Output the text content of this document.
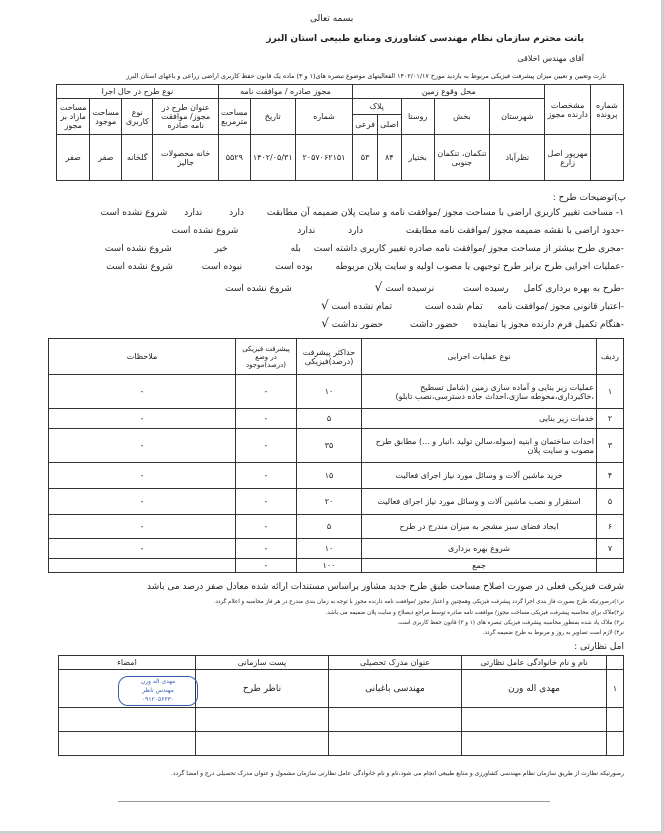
بسمه تعالی
باتت محترم سازمان نظام مهندسی کشاورزی ومنابع طبیعی استان البرز
آقای مهندس اخلاقی
نارت وتعیین و تعیین میزان پیشرفت فیزیکی مربوط به بازدید مورخ ۱۴۰۲/۰۱/۱۷ الفعالیتهای موضوع تبصره های(۱ و ۳) ماده یک قانون حفظ کاربری اراضی زراعی و باغهای استان البرز
شماره پرونده	مشخصات دارنده مجوز	محل وقوع زمین					مجوز صادره / موافقت نامه			نوع طرح در حال اجرا			
		شهرستان	بخش	روستا	پلاک		شماره	تاریخ	مساحت مترمربع	عنوان طرح در مجوز/ موافقت نامه صادره	نوع کاربری	مساحت موجود	مساحت مازاد بر مجوز
					اصلی	فرعی							
	مهرپور اصل زارع	نظرآباد	تنکمان، تنکمان جنوبی	بختیار	۸۴	۵۳	۲۰۵۷۰۶۲۱۵۱	۱۴۰۲/۰۵/۳۱	۵۵۲۹	خانه محصولات جالیز	گلخانه	صفر	صفر
پ)توضیحات طرح :
۱- مساحت تغییر کاربری اراضی با مساحت مجوز /موافقت نامه و سایت پلان ضمیمه آن مطابقت دارد ندارد شروع نشده است
-حدود اراضی با نقشه ضمیمه مجوز /موافقت نامه مطابقت دارد ندارد شروع نشده است
-مجری طرح بیشتر از مساحت مجوز /موافقت نامه صادره تغییر کاربری داشته است بله خیر شروع نشده است
-عملیات اجرایی طرح برابر طرح توجیهی یا مصوب اولیه و سایت پلان مربوطه بوده است نبوده است شروع نشده است
-طرح به بهره برداری کامل رسیده است نرسیده است √ شروع نشده است
-اعتبار قانونی مجوز /موافقت نامه تمام شده است تمام نشده است √
-هنگام تکمیل فرم دارنده مجوز یا نماینده حضور داشت حضور نداشت √
ردیف	نوع عملیات اجرایی	حداکثر پیشرفت (درصد)فیزیکی	پیشرفت فیزیکی در وضع (درصد)موجود	ملاحظات
۱	عملیات زیر بنایی و آماده سازی زمین (شامل تسطیح ،خاکبرداری،محوطه سازی،احداث جاده دسترسی،نصب تابلو)	۱۰	-	-
۲	خدمات زیر بنایی	۵	-	-
۳	احداث ساختمان و ابنیه (سوله،سالن تولید ،انبار و ...) مطابق طرح مصوب و سایت پلان	۳۵	-	-
۴	خرید ماشین آلات و وسائل مورد نیاز اجرای فعالیت	۱۵	-	-
۵	استقرار و نصب ماشین آلات و وسائل مورد نیاز اجرای فعالیت	۲۰	-	-
۶	ایجاد فضای سبز مشجر به میزان مندرج در طرح	۵	-	-
۷	شروع بهره برداری	۱۰	-	-
	جمع	۱۰۰	-	
شرفت فیزیکی فعلی در صورت اصلاح مساحت طبق طرح جدید مشاور براساس مستندات ارائه شده معادل صفر درصد می باشد
نر۱)درصورتیکه طرح بصورت فاز بندی اجرا گردد پیشرفت فیزیکی وهمچنین و اعتبار مجوز /موافقت نامه دارنده مجوز با توجه به زمان بندی مندرج در هر فاز محاسبه و اعلام گردد.
نر۲)ملاک برای محاسبه پیشرفت فیزیکی مساحت مجوز/ موافقت نامه صادره توسط مراجع ذیصلاح و سایت پلان ضمیمه می باشد.
نر۳) ملاک یاد شده بمنظور محاسبه پیشرفت فیزیکی تبصره های (۱ و ۳) قانون حفظ کاربری است.
نر۴) لازم است تصاویر به روز و مربوط به طرح ضمیمه گردد.
امل نظارتی :
	نام و نام خانوادگی عامل نظارتی	عنوان مدرک تحصیلی	پست سازمانی	امضاء
۱	مهدی اله ورن	مهندسی باغبانی	ناظر طرح	

مهدی اله ورن
مهندس ناظر
۰۹۱۲۰۵۶۳۳۰
رصورتیکه نظارت از طریق سازمان نظام مهندسی کشاورزی و منابع طبیعی انجام می شود،نام و نام خانوادگی عامل نظارتی سازمان مشمول و عنوان مدرک تحصیلی درج و امضا گردد.
